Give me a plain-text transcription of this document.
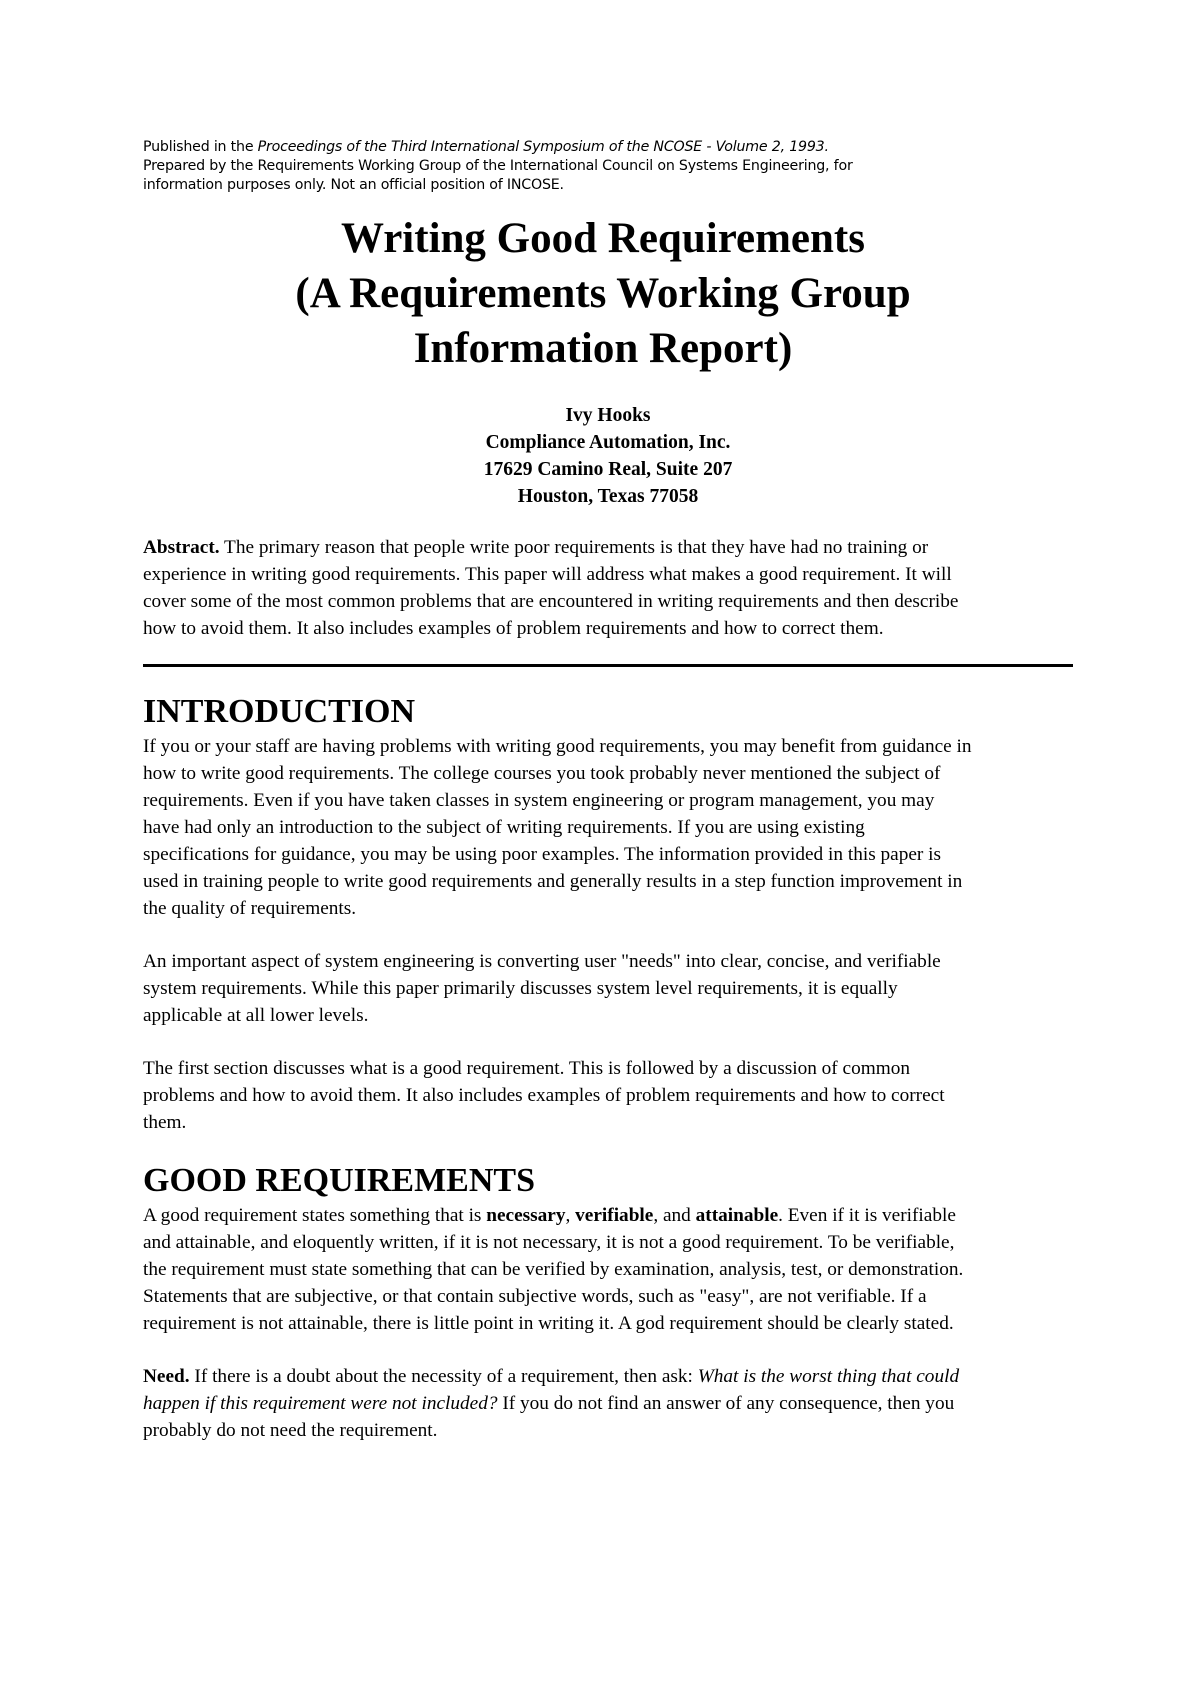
Published in the Proceedings of the Third International Symposium of the NCOSE - Volume 2, 1993.
Prepared by the Requirements Working Group of the International Council on Systems Engineering, for
information purposes only. Not an official position of INCOSE.
Writing Good Requirements
(A Requirements Working Group
Information Report)
Ivy Hooks
Compliance Automation, Inc.
17629 Camino Real, Suite 207
Houston, Texas 77058

Abstract. The primary reason that people write poor requirements is that they have had no training or experience in writing good requirements. This paper will address what makes a good requirement. It will cover some of the most common problems that are encountered in writing requirements and then describe how to avoid them. It also includes examples of problem requirements and how to correct them.

INTRODUCTION

If you or your staff are having problems with writing good requirements, you may benefit from guidance in how to write good requirements. The college courses you took probably never mentioned the subject of requirements. Even if you have taken classes in system engineering or program management, you may have had only an introduction to the subject of writing requirements. If you are using existing specifications for guidance, you may be using poor examples. The information provided in this paper is used in training people to write good requirements and generally results in a step function improvement in the quality of requirements.

An important aspect of system engineering is converting user "needs" into clear, concise, and verifiable system requirements. While this paper primarily discusses system level requirements, it is equally applicable at all lower levels.

The first section discusses what is a good requirement. This is followed by a discussion of common problems and how to avoid them. It also includes examples of problem requirements and how to correct them.

GOOD REQUIREMENTS

A good requirement states something that is necessary, verifiable, and attainable. Even if it is verifiable and attainable, and eloquently written, if it is not necessary, it is not a good requirement. To be verifiable, the requirement must state something that can be verified by examination, analysis, test, or demonstration. Statements that are subjective, or that contain subjective words, such as "easy", are not verifiable. If a requirement is not attainable, there is little point in writing it. A god requirement should be clearly stated.

Need. If there is a doubt about the necessity of a requirement, then ask: What is the worst thing that could happen if this requirement were not included? If you do not find an answer of any consequence, then you probably do not need the requirement.
